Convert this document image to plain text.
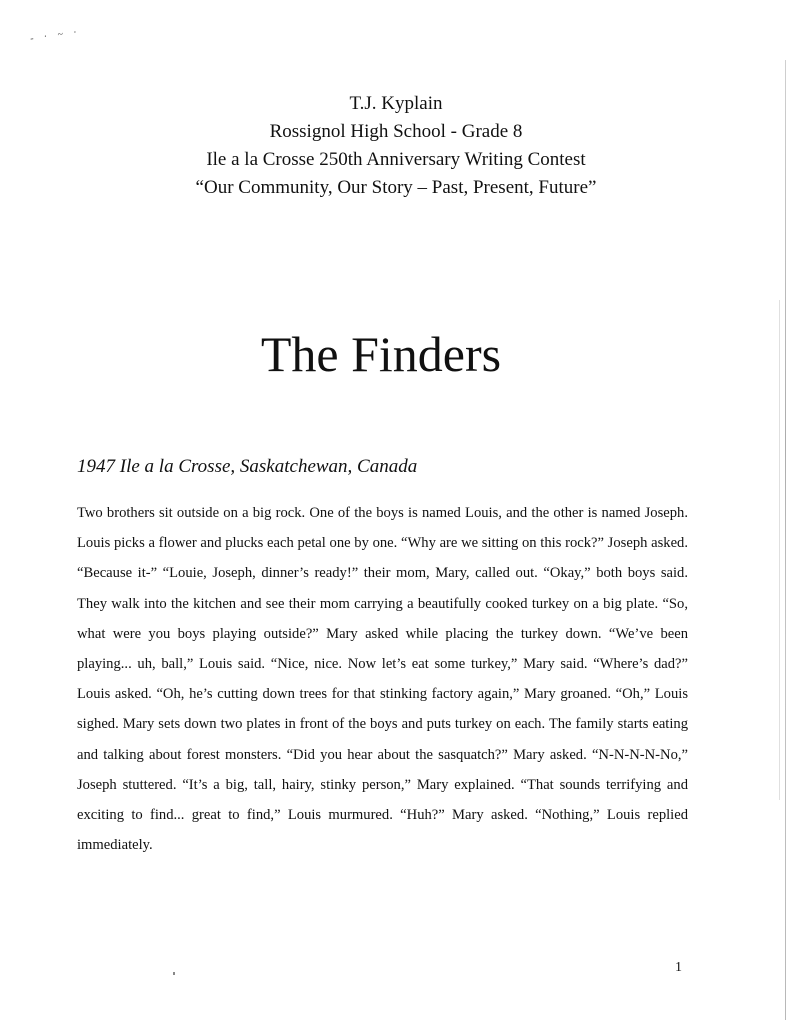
- · ~ ·

T.J. Kyplain

Rossignol High School - Grade 8

Ile a la Crosse 250th Anniversary Writing Contest

“Our Community, Our Story – Past, Present, Future”

The Finders
1947 Ile a la Crosse, Saskatchewan, Canada

Two brothers sit outside on a big rock. One of the boys is named Louis, and the other is named Joseph. Louis picks a flower and plucks each petal one by one. “Why are we sitting on this rock?” Joseph asked. “Because it-” “Louie, Joseph, dinner’s ready!” their mom, Mary, called out. “Okay,” both boys said. They walk into the kitchen and see their mom carrying a beautifully cooked turkey on a big plate. “So, what were you boys playing outside?” Mary asked while placing the turkey down. “We’ve been playing... uh, ball,” Louis said. “Nice, nice. Now let’s eat some turkey,” Mary said. “Where’s dad?” Louis asked. “Oh, he’s cutting down trees for that stinking factory again,” Mary groaned. “Oh,” Louis sighed. Mary sets down two plates in front of the boys and puts turkey on each. The family starts eating and talking about forest monsters. “Did you hear about the sasquatch?” Mary asked. “N-N-N-N-No,” Joseph stuttered. “It’s a big, tall, hairy, stinky person,” Mary explained. “That sounds terrifying and exciting to find... great to find,” Louis murmured. “Huh?” Mary asked. “Nothing,” Louis replied immediately.

1
